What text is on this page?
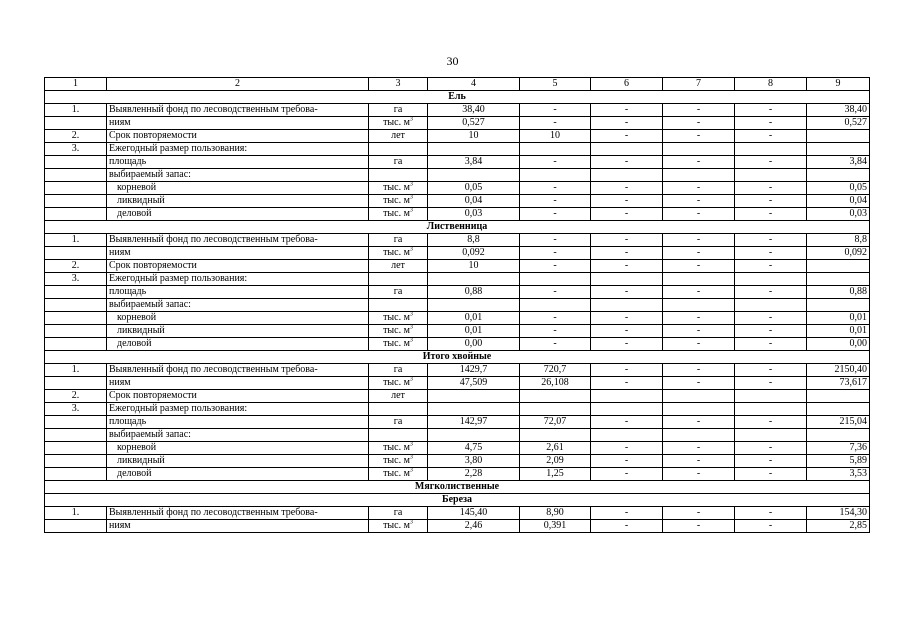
30
1	2	3	4	5	6	7	8	9
Ель								
1.	Выявленный фонд по лесоводственным требова-	га	38,40	-	-	-	-	38,40
	ниям	тыс. $м^3$	0,527	-	-	-	-	0,527
2.	Срок повторяемости	лет	10	10	-	-	-	
3.	Ежегодный размер пользования:							
	площадь	га	3,84	-	-	-	-	3,84
	выбираемый запас:							
	корневой	тыс. $м^3$	0,05	-	-	-	-	0,05
	ликвидный	тыс. $м^3$	0,04	-	-	-	-	0,04
	деловой	тыс. $м^3$	0,03	-	-	-	-	0,03
Лиственница								
1.	Выявленный фонд по лесоводственным требова-	га	8,8	-	-	-	-	8,8
	ниям	тыс. $м^3$	0,092	-	-	-	-	0,092
2.	Срок повторяемости	лет	10	-	-	-	-	
3.	Ежегодный размер пользования:							
	площадь	га	0,88	-	-	-	-	0,88
	выбираемый запас:							
	корневой	тыс. $м^3$	0,01	-	-	-	-	0,01
	ликвидный	тыс. $м^3$	0,01	-	-	-	-	0,01
	деловой	тыс. $м^3$	0,00	-	-	-	-	0,00
Итого хвойные								
1.	Выявленный фонд по лесоводственным требова-	га	1429,7	720,7	-	-	-	2150,40
	ниям	тыс. $м^3$	47,509	26,108	-	-	-	73,617
2.	Срок повторяемости	лет						
3.	Ежегодный размер пользования:							
	площадь	га	142,97	72,07	-	-	-	215,04
	выбираемый запас:							
	корневой	тыс. $м^3$	4,75	2,61	-	-	-	7,36
	ликвидный	тыс. $м^3$	3,80	2,09	-	-	-	5,89
	деловой	тыс. $м^3$	2,28	1,25	-	-	-	3,53
Мягколиственные								
Береза								
1.	Выявленный фонд по лесоводственным требова-	га	145,40	8,90	-	-	-	154,30
	ниям	тыс. $м^3$	2,46	0,391	-	-	-	2,85
